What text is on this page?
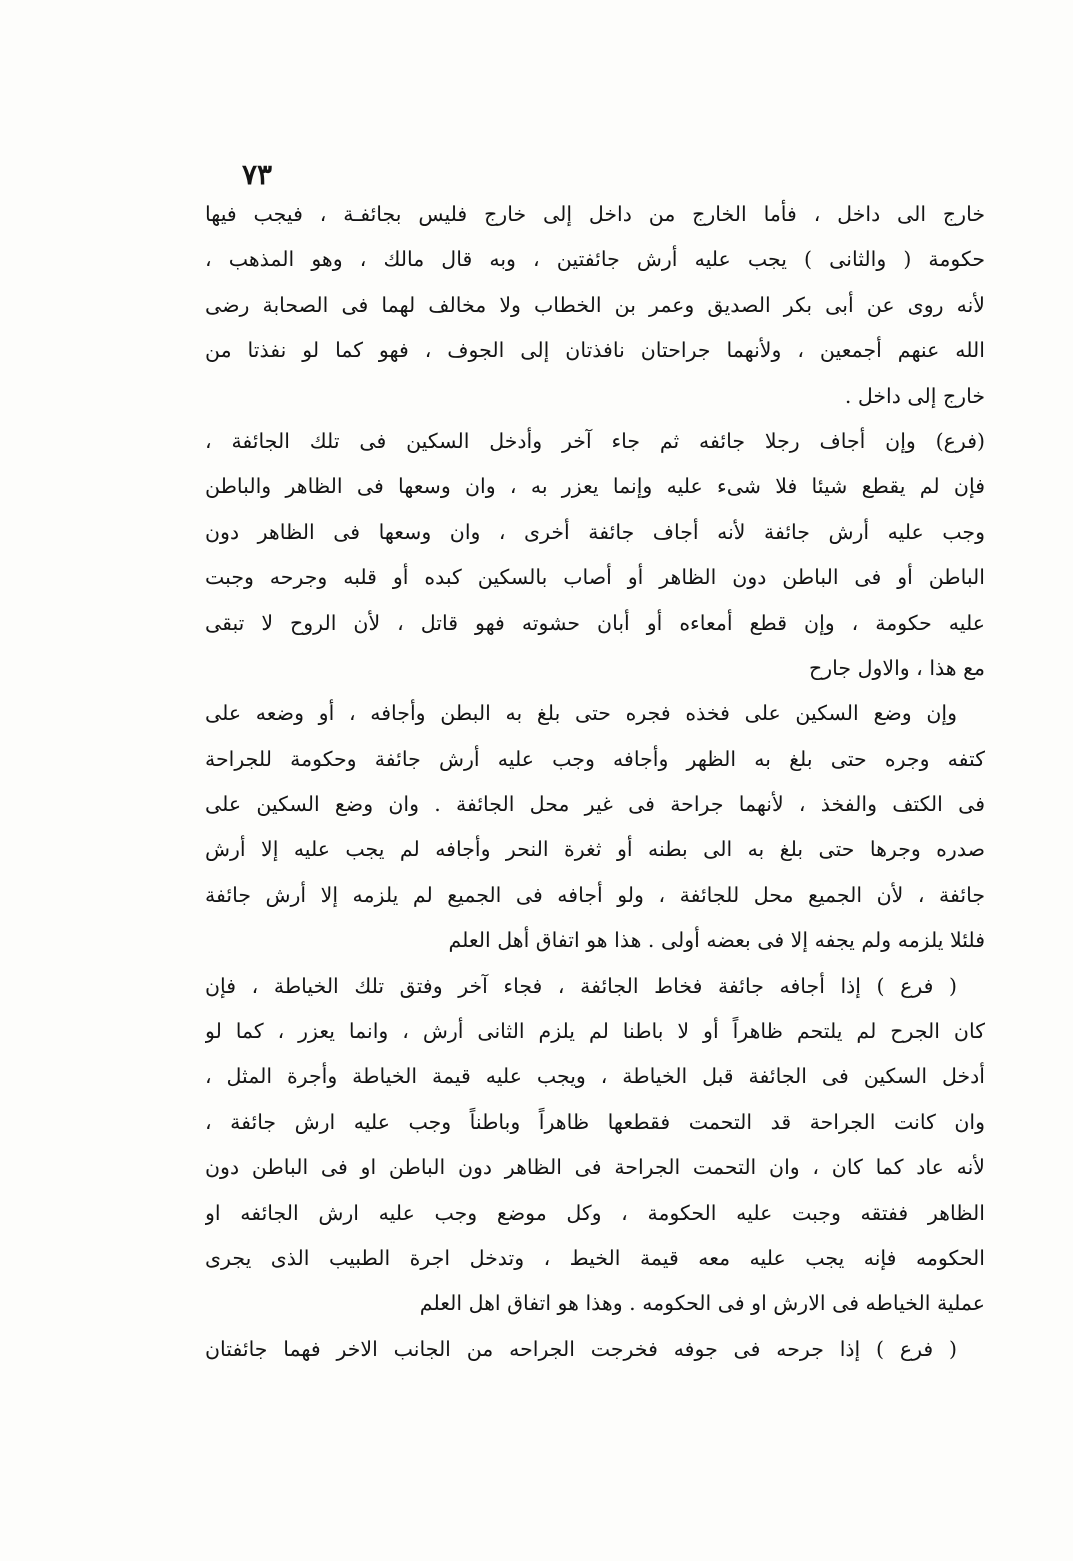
٧٣
خارج الى داخل ، فأما الخارج من داخل إلى خارج فليس بجائفـة ، فيجب فيها
حكومة ( والثانى ) يجب عليه أرش جائفتين ، وبه قال مالك ، وهو المذهب ،
لأنه روى عن أبى بكر الصديق وعمر بن الخطاب ولا مخالف لهما فى الصحابة رضى
الله عنهم أجمعين ، ولأنهما جراحتان نافذتان إلى الجوف ، فهو كما لو نفذتا من
خارج إلى داخل .
(فرع) وإن أجاف رجلا جائفه ثم جاء آخر وأدخل السكين فى تلك الجائفة ،
فإن لم يقطع شيئا فلا شىء عليه وإنما يعزر به ، وان وسعها فى الظاهر والباطن
وجب عليه أرش جائفة لأنه أجاف جائفة أخرى ، وان وسعها فى الظاهر دون
الباطن أو فى الباطن دون الظاهر أو أصاب بالسكين كبده أو قلبه وجرحه وجبت
عليه حكومة ، وإن قطع أمعاءه أو أبان حشوته فهو قاتل ، لأن الروح لا تبقى
مع هذا ، والاول جارح
وإن وضع السكين على فخذه فجره حتى بلغ به البطن وأجافه ، أو وضعه على
كتفه وجره حتى بلغ به الظهر وأجافه وجب عليه أرش جائفة وحكومة للجراحة
فى الكتف والفخذ ، لأنهما جراحة فى غير محل الجائفة . وان وضع السكين على
صدره وجرها حتى بلغ به الى بطنه أو ثغرة النحر وأجافه لم يجب عليه إلا أرش
جائفة ، لأن الجميع محل للجائفة ، ولو أجافه فى الجميع لم يلزمه إلا أرش جائفة
فلئلا يلزمه ولم يجفه إلا فى بعضه أولى . هذا هو اتفاق أهل العلم
( فرع ) إذا أجافه جائفة فخاط الجائفة ، فجاء آخر وفتق تلك الخياطة ، فإن
كان الجرح لم يلتحم ظاهراً أو لا باطنا لم يلزم الثانى أرش ، وانما يعزر ، كما لو
أدخل السكين فى الجائفة قبل الخياطة ، ويجب عليه قيمة الخياطة وأجرة المثل ،
وان كانت الجراحة قد التحمت فقطعها ظاهراً وباطناً وجب عليه ارش جائفة ،
لأنه عاد كما كان ، وان التحمت الجراحة فى الظاهر دون الباطن او فى الباطن دون
الظاهر ففتقه وجبت عليه الحكومة ، وكل موضع وجب عليه ارش الجائفه او
الحكومه فإنه يجب عليه معه قيمة الخيط ، وتدخل اجرة الطبيب الذى يجرى
عملية الخياطه فى الارش او فى الحكومه . وهذا هو اتفاق اهل العلم
( فرع ) إذا جرحه فى جوفه فخرجت الجراحه من الجانب الاخر فهما جائفتان
